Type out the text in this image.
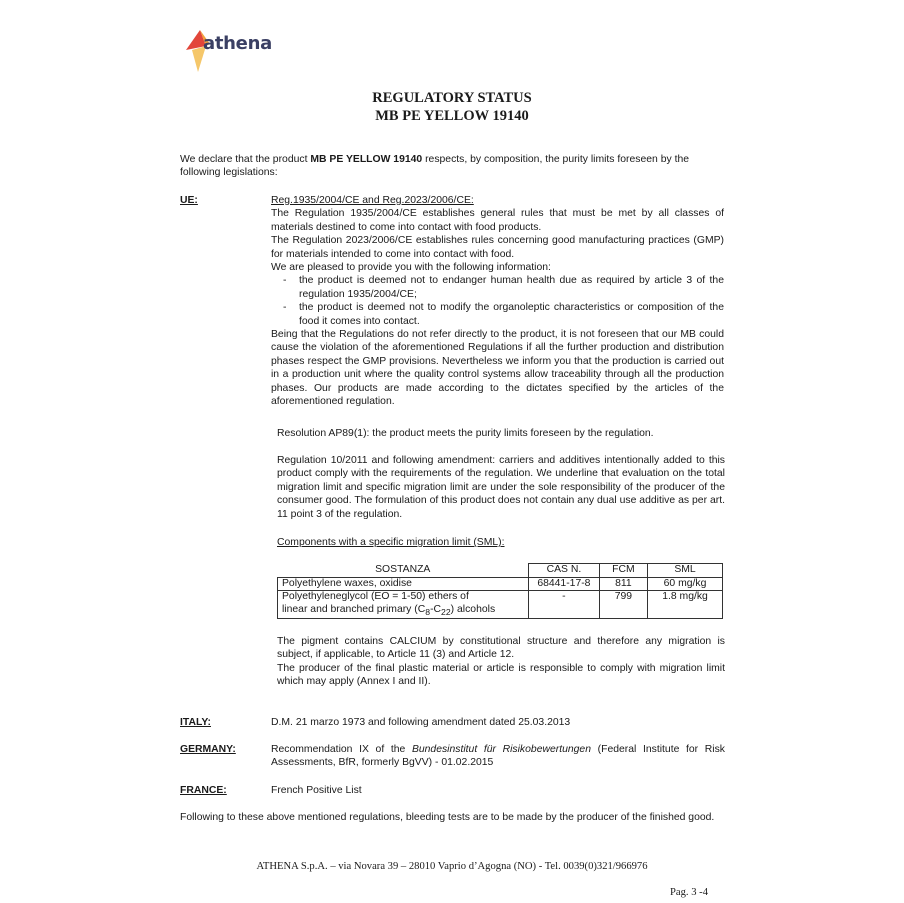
athena
REGULATORY STATUS
MB PE YELLOW 19140
We declare that the product MB PE YELLOW 19140 respects, by composition, the purity limits foreseen by the following legislations:
UE:	Reg.1935/2004/CE and Reg.2023/2006/CE:
The Regulation 1935/2004/CE establishes general rules that must be met by all classes of materials destined to come into contact with food products.
The Regulation 2023/2006/CE establishes rules concerning good manufacturing practices (GMP) for materials intended to come into contact with food.
We are pleased to provide you with the following information:
- the product is deemed not to endanger human health due as required by article 3 of the regulation 1935/2004/CE;
- the product is deemed not to modify the organoleptic characteristics or composition of the food it comes into contact.
Being that the Regulations do not refer directly to the product, it is not foreseen that our MB could cause the violation of the aforementioned Regulations if all the further production and distribution phases respect the GMP provisions. Nevertheless we inform you that the production is carried out in a production unit where the quality control systems allow traceability through all the production phases. Our products are made according to the dictates specified by the articles of the aforementioned regulation.
Resolution AP89(1): the product meets the purity limits foreseen by the regulation.
Regulation 10/2011 and following amendment: carriers and additives intentionally added to this product comply with the requirements of the regulation. We underline that evaluation on the total migration limit and specific migration limit are under the sole responsibility of the producer of the consumer good. The formulation of this product does not contain any dual use additive as per art. 11 point 3 of the regulation.
Components with a specific migration limit (SML):
SOSTANZA	CAS N.	FCM	SML
Polyethylene waxes, oxidise	68441-17-8	811	60 mg/kg

Polyethyleneglycol (EO = 1-50) ethers of
linear and branched primary $(C_8-C_{22})$ alcohols	-	799	1.8 mg/kg
The pigment contains CALCIUM by constitutional structure and therefore any migration is subject, if applicable, to Article 11 (3) and Article 12.
The producer of the final plastic material or article is responsible to comply with migration limit which may apply (Annex I and II).
ITALY:	D.M. 21 marzo 1973 and following amendment dated 25.03.2013
GERMANY:	Recommendation IX of the Bundesinstitut für Risikobewertungen (Federal Institute for Risk Assessments, BfR, formerly BgVV) - 01.02.2015
FRANCE:	French Positive List
Following to these above mentioned regulations, bleeding tests are to be made by the producer of the finished good.
ATHENA S.p.A. – via Novara 39 – 28010 Vaprio d’Agogna (NO) - Tel. 0039(0)321/966976
Pag. 3 -4
